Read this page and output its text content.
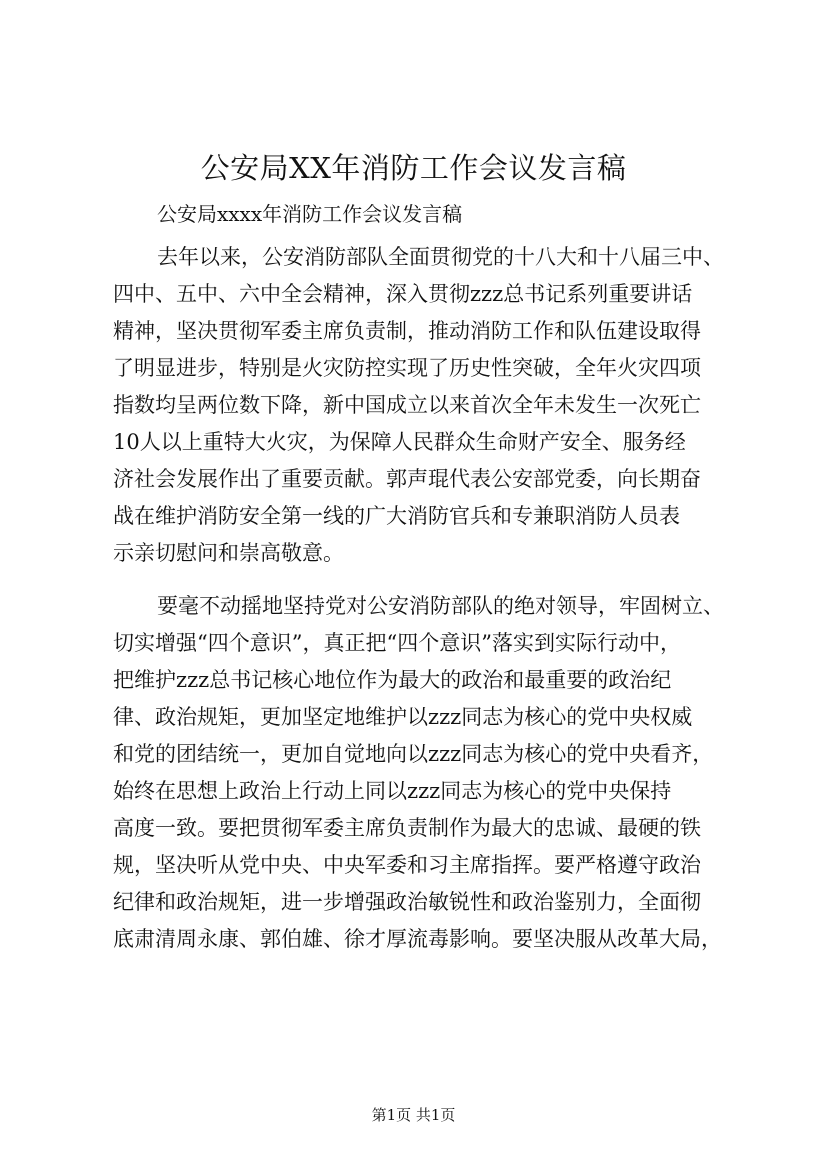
公安局XX年消防工作会议发言稿

公安局xxxx年消防工作会议发言稿

去年以来，公安消防部队全面贯彻党的十八大和十八届三中、

四中、五中、六中全会精神，深入贯彻zzz总书记系列重要讲话

精神，坚决贯彻军委主席负责制，推动消防工作和队伍建设取得

了明显进步，特别是火灾防控实现了历史性突破，全年火灾四项

指数均呈两位数下降，新中国成立以来首次全年未发生一次死亡

10人以上重特大火灾，为保障人民群众生命财产安全、服务经

济社会发展作出了重要贡献。郭声琨代表公安部党委，向长期奋

战在维护消防安全第一线的广大消防官兵和专兼职消防人员表

示亲切慰问和崇高敬意。

要毫不动摇地坚持党对公安消防部队的绝对领导，牢固树立、

切实增强“四个意识”，真正把“四个意识”落实到实际行动中，

把维护zzz总书记核心地位作为最大的政治和最重要的政治纪

律、政治规矩，更加坚定地维护以zzz同志为核心的党中央权威

和党的团结统一，更加自觉地向以zzz同志为核心的党中央看齐，

始终在思想上政治上行动上同以zzz同志为核心的党中央保持

高度一致。要把贯彻军委主席负责制作为最大的忠诚、最硬的铁

规，坚决听从党中央、中央军委和习主席指挥。要严格遵守政治

纪律和政治规矩，进一步增强政治敏锐性和政治鉴别力，全面彻

底肃清周永康、郭伯雄、徐才厚流毒影响。要坚决服从改革大局，

第1页 共1页
